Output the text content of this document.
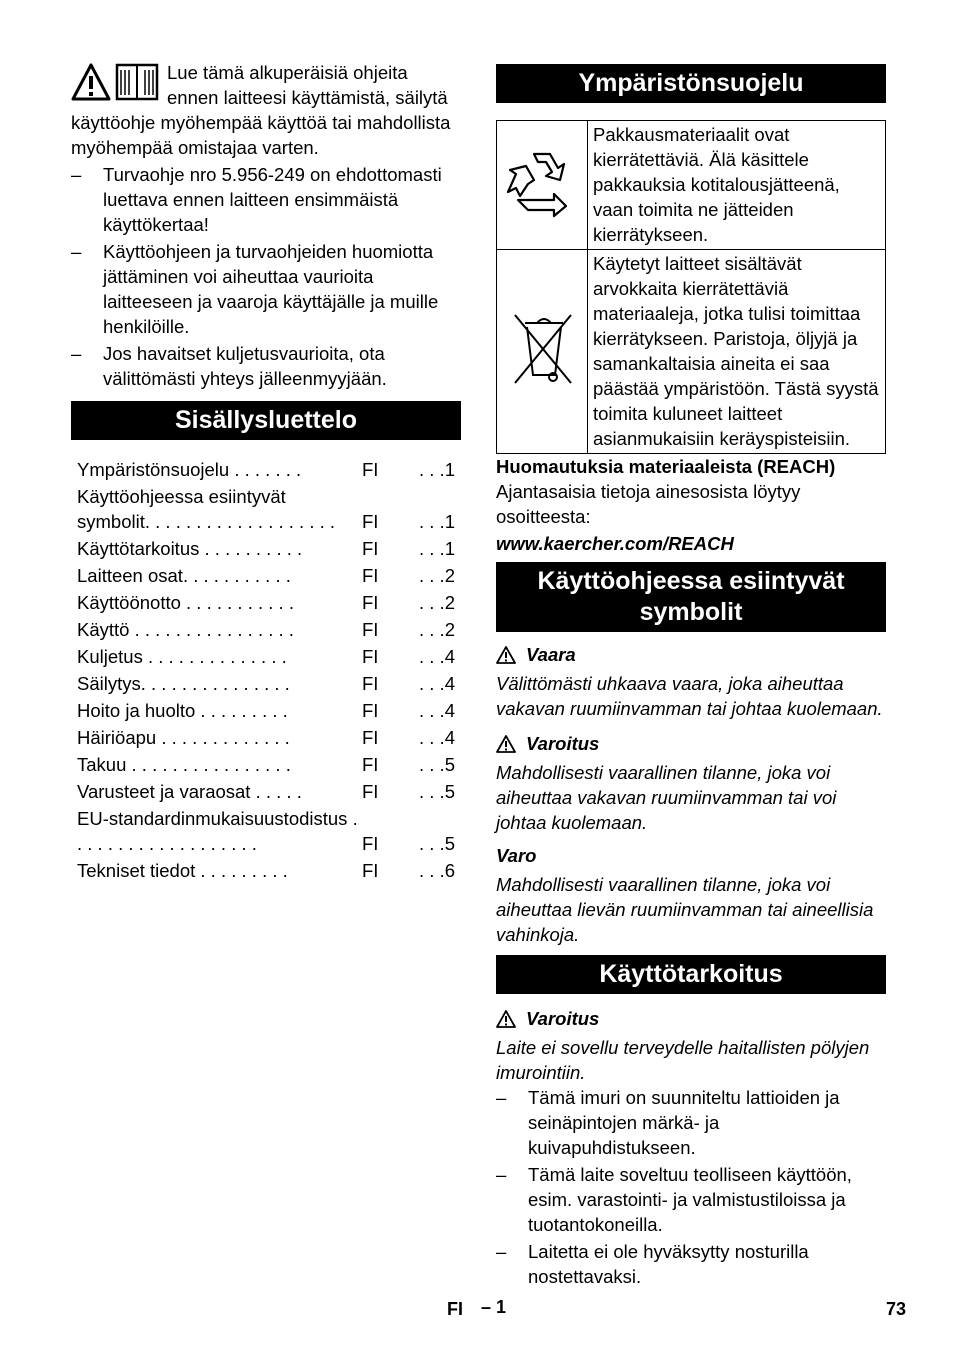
Lue tämä alkuperäisiä ohjeita ennen laitteesi käyttämistä, säilytä käyttöohje myöhempää käyttöä tai mahdollista myöhempää omistajaa varten.

– Turvaohje nro 5.956-249 on ehdottomasti luettava ennen laitteen ensimmäistä käyttökertaa!
– Käyttöohjeen ja turvaohjeiden huomiotta jättäminen voi aiheuttaa vaurioita laitteeseen ja vaaroja käyttäjälle ja muille henkilöille.
– Jos havaitset kuljetusvaurioita, ota välittömästi yhteys jälleenmyyjään.
Sisällysluettelo
Ympäristönsuojelu . . . . . . .	FI	. . .1
Käyttöohjeessa esiintyvät symbolit. . . . . . . . . . . . . . . . . . .	FI	. . .1
Käyttötarkoitus . . . . . . . . . .	FI	. . .1
Laitteen osat. . . . . . . . . . .	FI	. . .2
Käyttöönotto . . . . . . . . . . .	FI	. . .2
Käyttö . . . . . . . . . . . . . . . .	FI	. . .2
Kuljetus . . . . . . . . . . . . . .	FI	. . .4
Säilytys. . . . . . . . . . . . . . .	FI	. . .4
Hoito ja huolto . . . . . . . . .	FI	. . .4
Häiriöapu . . . . . . . . . . . . .	FI	. . .4
Takuu . . . . . . . . . . . . . . . .	FI	. . .5
Varusteet ja varaosat . . . . .	FI	. . .5
EU-standardinmukaisuustodistus . . . . . . . . . . . . . . . . . . .	FI	. . .5
Tekniset tiedot . . . . . . . . .	FI	. . .6
Ympäristönsuojelu
	Pakkausmateriaalit ovat kierrätettäviä. Älä käsittele pakkauksia kotitalousjätteenä, vaan toimita ne jätteiden kierrätykseen.
	Käytetyt laitteet sisältävät arvokkaita kierrätettäviä materiaaleja, jotka tulisi toimittaa kierrätykseen. Paristoja, öljyjä ja samankaltaisia aineita ei saa päästää ympäristöön. Tästä syystä toimita kuluneet laitteet asianmukaisiin keräyspisteisiin.

Huomautuksia materiaaleista (REACH)

Ajantasaisia tietoja ainesosista löytyy osoitteesta:

www.kaercher.com/REACH

Käyttöohjeessa esiintyvät symbolit
Vaara

Välittömästi uhkaava vaara, joka aiheuttaa vakavan ruumiinvamman tai johtaa kuolemaan.

Varoitus

Mahdollisesti vaarallinen tilanne, joka voi aiheuttaa vakavan ruumiinvamman tai voi johtaa kuolemaan.

Varo

Mahdollisesti vaarallinen tilanne, joka voi aiheuttaa lievän ruumiinvamman tai aineellisia vahinkoja.

Käyttötarkoitus
Varoitus

Laite ei sovellu terveydelle haitallisten pölyjen imurointiin.

– Tämä imuri on suunniteltu lattioiden ja seinäpintojen märkä- ja kuivapuhdistukseen.
– Tämä laite soveltuu teolliseen käyttöön, esim. varastointi- ja valmistustiloissa ja tuotantokoneilla.
– Laitetta ei ole hyväksytty nosturilla nostettavaksi.
FI – 1	73
